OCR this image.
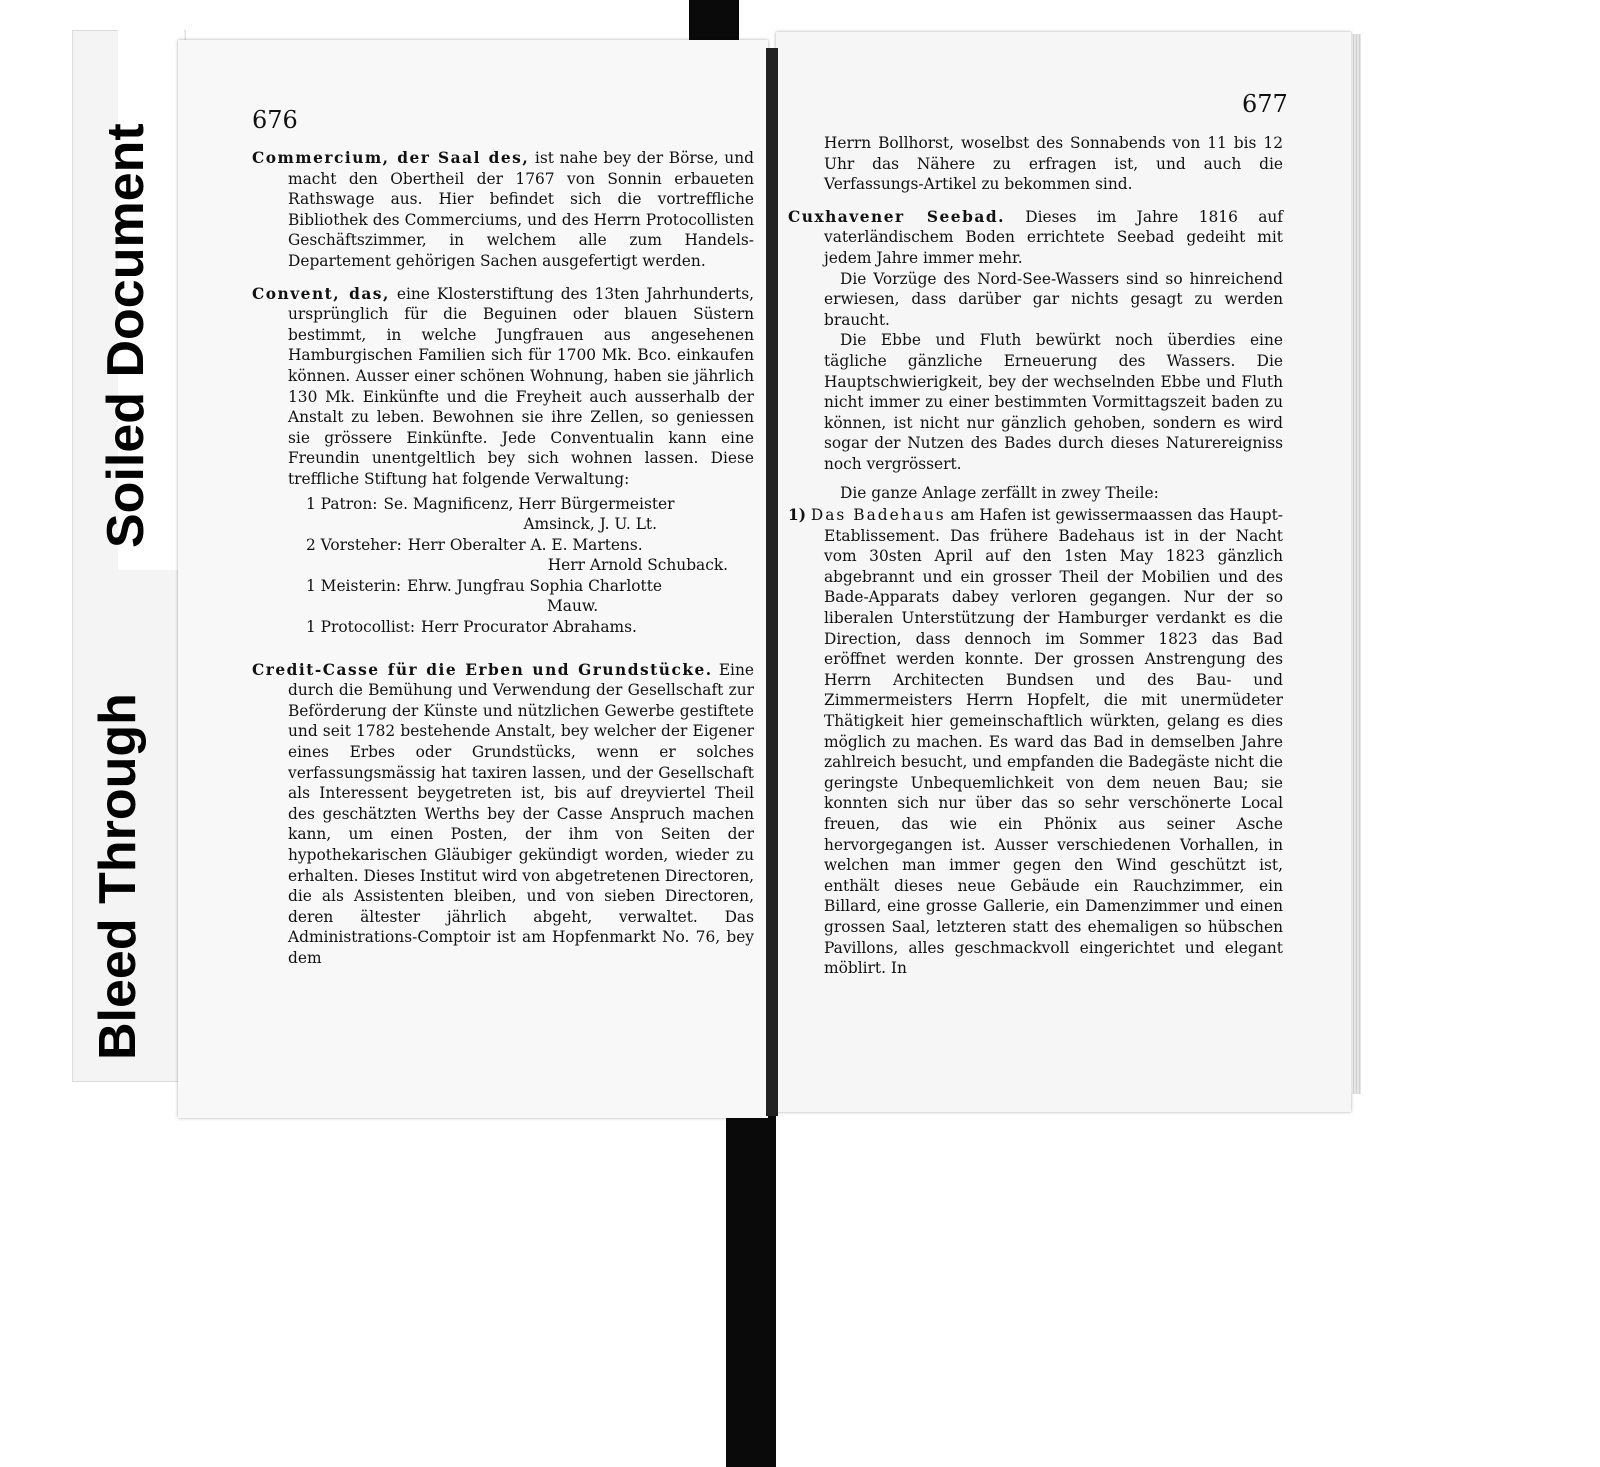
676
677

Commercium, der Saal des, ist nahe bey der Börse, und macht den Obertheil der 1767 von Sonnin erbaueten Rathswage aus. Hier befindet sich die vortreffliche Bibliothek des Commerciums, und des Herrn Protocollisten Geschäftszimmer, in welchem alle zum Handels-Departement gehörigen Sachen ausgefertigt werden.

Convent, das, eine Klosterstiftung des 13ten Jahrhunderts, ursprünglich für die Beguinen oder blauen Süstern bestimmt, in welche Jungfrauen aus angesehenen Hamburgischen Familien sich für 1700 Mk. Bco. einkaufen können. Ausser einer schönen Wohnung, haben sie jährlich 130 Mk. Einkünfte und die Freyheit auch ausserhalb der Anstalt zu leben. Bewohnen sie ihre Zellen, so geniessen sie grössere Einkünfte. Jede Conventualin kann eine Freundin unentgeltlich bey sich wohnen lassen. Diese treffliche Stiftung hat folgende Verwaltung:

1 Patron: Se. Magnificenz, Herr Bürgermeister
Amsinck, J. U. Lt.
2 Vorsteher: Herr Oberalter A. E. Martens.
Herr Arnold Schuback.
1 Meisterin: Ehrw. Jungfrau Sophia Charlotte
Mauw.
1 Protocollist: Herr Procurator Abrahams.

Credit-Casse für die Erben und Grundstücke. Eine durch die Bemühung und Verwendung der Gesellschaft zur Beförderung der Künste und nützlichen Gewerbe gestiftete und seit 1782 bestehende Anstalt, bey welcher der Eigener eines Erbes oder Grundstücks, wenn er solches verfassungsmässig hat taxiren lassen, und der Gesellschaft als Interessent beygetreten ist, bis auf dreyviertel Theil des geschätzten Werths bey der Casse Anspruch machen kann, um einen Posten, der ihm von Seiten der hypothekarischen Gläubiger gekündigt worden, wieder zu erhalten. Dieses Institut wird von abgetretenen Directoren, die als Assistenten bleiben, und von sieben Directoren, deren ältester jährlich abgeht, verwaltet. Das Administrations-Comptoir ist am Hopfenmarkt No. 76, bey dem

Herrn Bollhorst, woselbst des Sonnabends von 11 bis 12 Uhr das Nähere zu erfragen ist, und auch die Verfassungs-Artikel zu bekommen sind.

Cuxhavener Seebad. Dieses im Jahre 1816 auf vaterländischem Boden errichtete Seebad gedeiht mit jedem Jahre immer mehr.

Die Vorzüge des Nord-See-Wassers sind so hinreichend erwiesen, dass darüber gar nichts gesagt zu werden braucht.

Die Ebbe und Fluth bewürkt noch überdies eine tägliche gänzliche Erneuerung des Wassers. Die Hauptschwierigkeit, bey der wechselnden Ebbe und Fluth nicht immer zu einer bestimmten Vormittagszeit baden zu können, ist nicht nur gänzlich gehoben, sondern es wird sogar der Nutzen des Bades durch dieses Naturereigniss noch vergrössert.

Die ganze Anlage zerfällt in zwey Theile:

1) Das Badehaus am Hafen ist gewissermaassen das Haupt-Etablissement. Das frühere Badehaus ist in der Nacht vom 30sten April auf den 1sten May 1823 gänzlich abgebrannt und ein grosser Theil der Mobilien und des Bade-Apparats dabey verloren gegangen. Nur der so liberalen Unterstützung der Hamburger verdankt es die Direction, dass dennoch im Sommer 1823 das Bad eröffnet werden konnte. Der grossen Anstrengung des Herrn Architecten Bundsen und des Bau- und Zimmermeisters Herrn Hopfelt, die mit unermüdeter Thätigkeit hier gemeinschaftlich würkten, gelang es dies möglich zu machen. Es ward das Bad in demselben Jahre zahlreich besucht, und empfanden die Badegäste nicht die geringste Unbequemlichkeit von dem neuen Bau; sie konnten sich nur über das so sehr verschönerte Local freuen, das wie ein Phönix aus seiner Asche hervorgegangen ist. Ausser verschiedenen Vorhallen, in welchen man immer gegen den Wind geschützt ist, enthält dieses neue Gebäude ein Rauchzimmer, ein Billard, eine grosse Gallerie, ein Damenzimmer und einen grossen Saal, letzteren statt des ehemaligen so hübschen Pavillons, alles geschmackvoll eingerichtet und elegant möblirt. In
